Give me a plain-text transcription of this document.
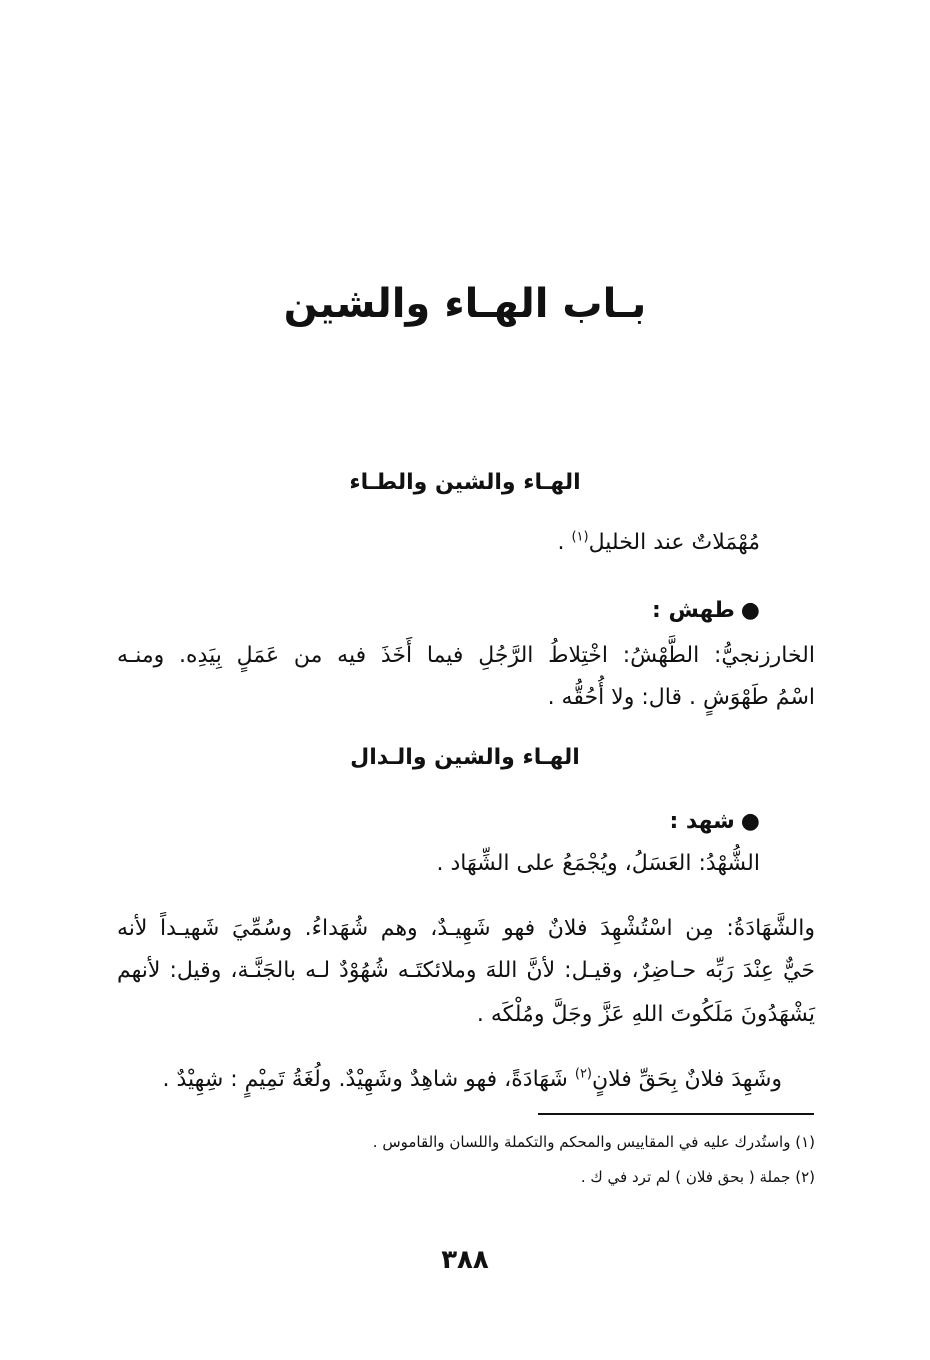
بـاب الهـاء والشين
الهـاء والشين والطـاء
مُهْمَلاتٌ عند الخليل$^{(١)}$ .
●طهش :
الخارزنجيُّ: الطَّهْشُ: اخْتِلاطُ الرَّجُلِ فيما أَخَذَ فيه من عَمَلٍ بِيَدِه. ومنـه
اسْمُ طَهْوَشٍ . قال: ولا أُحُقُّه .
الهـاء والشين والـدال
●شهد :
الشُّهْدُ: العَسَلُ، ويُجْمَعُ على الشِّهَاد .
والشَّهَادَةُ: مِن اسْتُشْهِدَ فلانٌ فهو شَهِيـدٌ، وهم شُهَداءُ. وسُمِّيَ شَهيـداً لأنه
حَيٌّ عِنْدَ رَبِّه حـاضِرٌ، وقيـل: لأنَّ اللهَ وملائكتَـه شُهُوْدٌ لـه بالجَنَّـة، وقيل: لأنهم
يَشْهَدُونَ مَلَكُوتَ اللهِ عَزَّ وجَلَّ ومُلْكَه .
وشَهِدَ فلانٌ بِحَقِّ فلانٍ$^{(٢)}$ شَهَادَةً، فهو شاهِدٌ وشَهِيْدٌ. ولُغَةُ تَمِيْمٍ : شِهِيْدٌ .
(١) واستُدرك عليه في المقاييس والمحكم والتكملة واللسان والقاموس .
(٢) جملة ( بحق فلان ) لم ترد في ك .
٣٨٨
